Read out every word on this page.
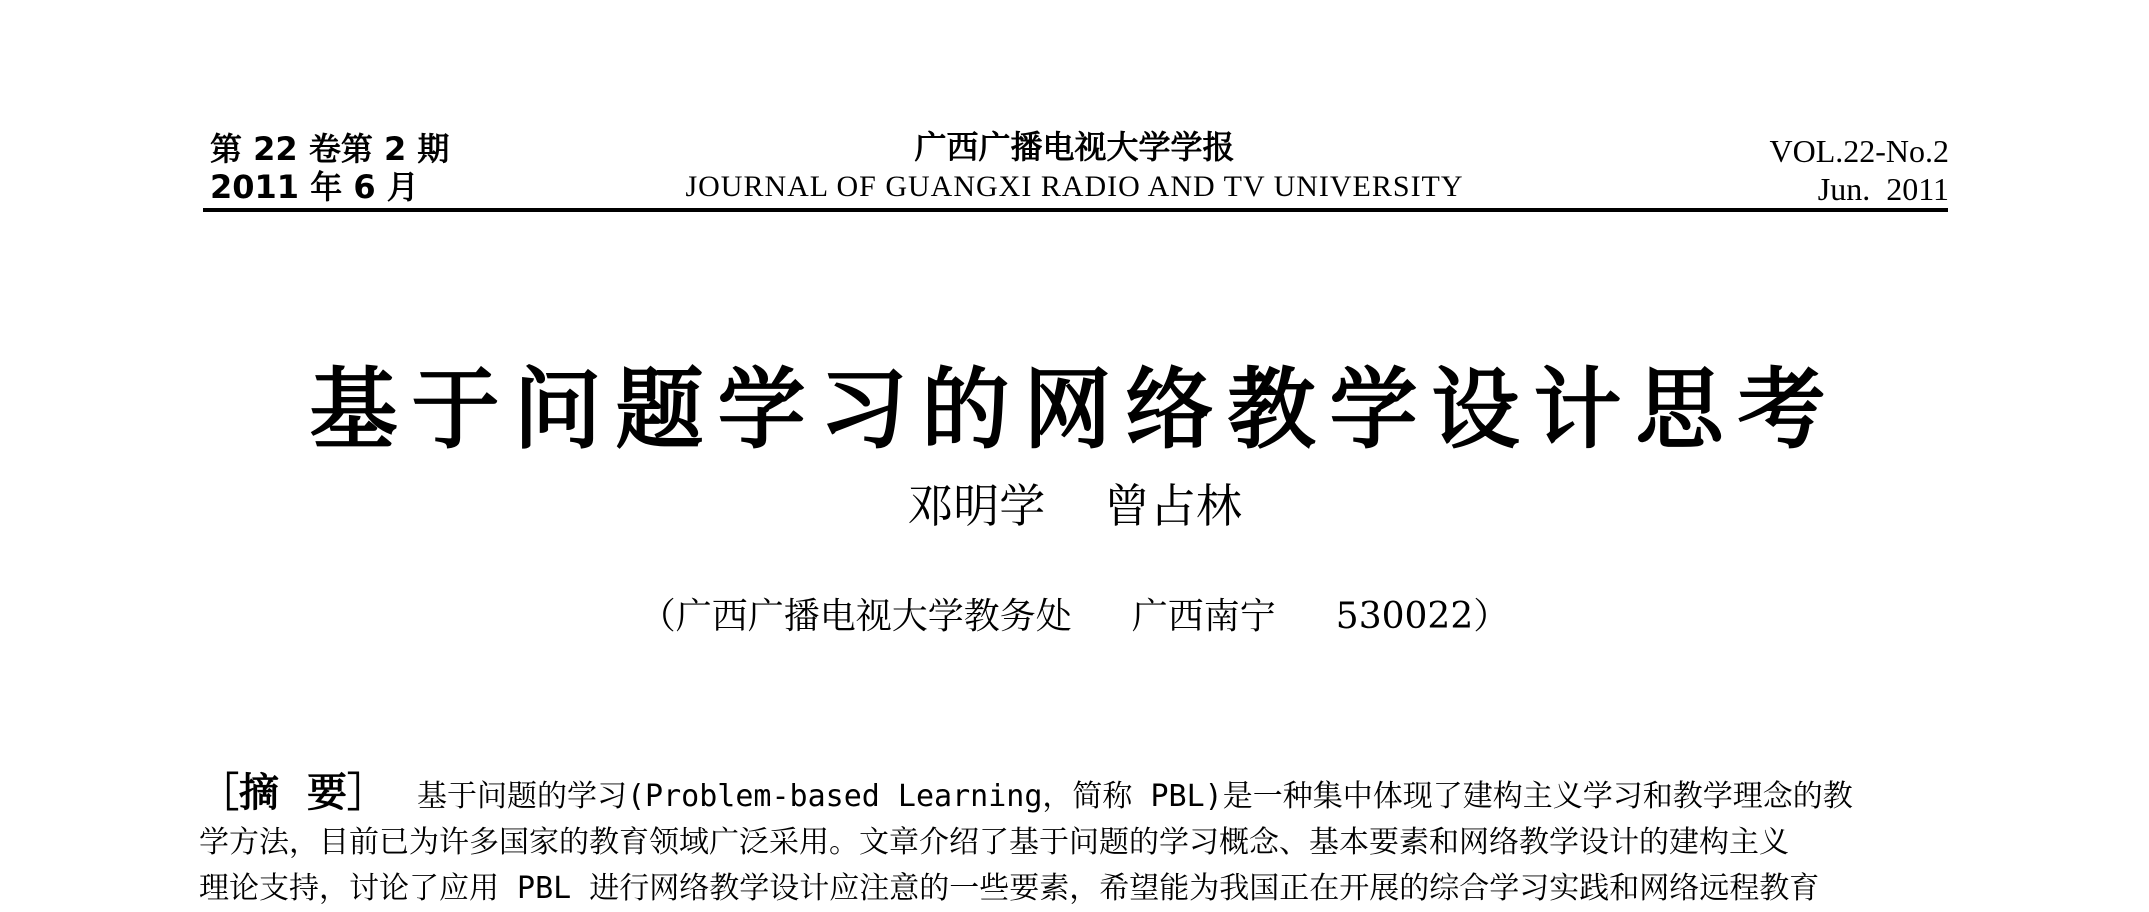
第 22 卷第 2 期
2011 年 6 月
广西广播电视大学学报
JOURNAL OF GUANGXI RADIO AND TV UNIVERSITY
VOL.22-No.2
Jun. 2011
基于问题学习的网络教学设计思考
邓明学 曾占林
（广西广播电视大学教务处 广西南宁 530022）
［摘 要］ 基于问题的学习(Problem-based Learning，简称 PBL)是一种集中体现了建构主义学习和教学理念的教
学方法，目前已为许多国家的教育领域广泛采用。文章介绍了基于问题的学习概念、基本要素和网络教学设计的建构主义
理论支持，讨论了应用 PBL 进行网络教学设计应注意的一些要素，希望能为我国正在开展的综合学习实践和网络远程教育
